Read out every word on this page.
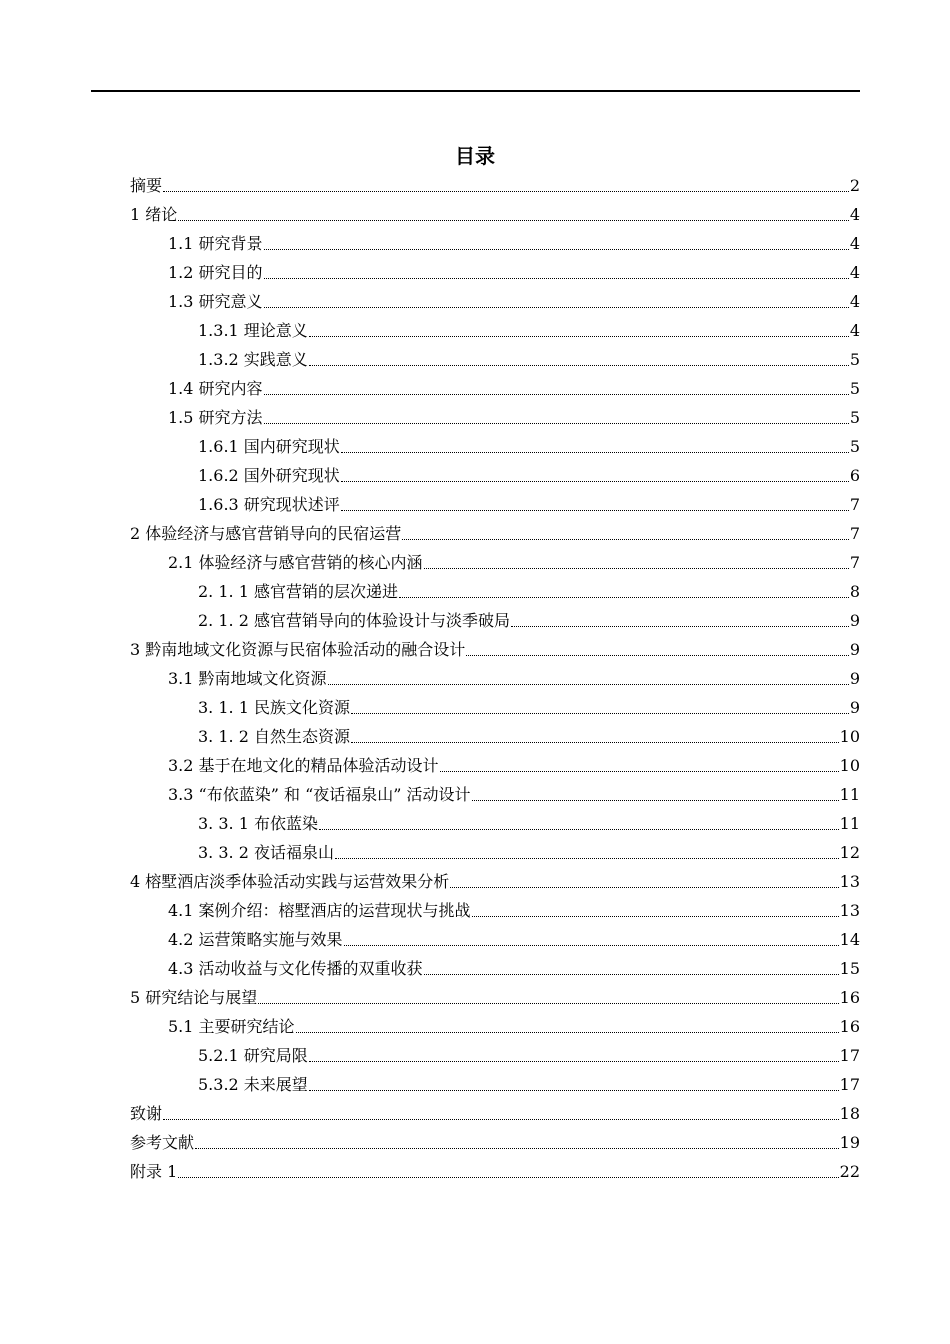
目录
摘要	2
1 绪论	4
1.1 研究背景	4
1.2 研究目的	4
1.3 研究意义	4
1.3.1 理论意义	4
1.3.2 实践意义	5
1.4 研究内容	5
1.5 研究方法	5
1.6.1 国内研究现状	5
1.6.2 国外研究现状	6
1.6.3 研究现状述评	7
2 体验经济与感官营销导向的民宿运营	7
2.1 体验经济与感官营销的核心内涵	7
2. 1. 1 感官营销的层次递进	8
2. 1. 2 感官营销导向的体验设计与淡季破局	9
3 黔南地域文化资源与民宿体验活动的融合设计	9
3.1 黔南地域文化资源	9
3. 1. 1 民族文化资源	9
3. 1. 2 自然生态资源	10
3.2 基于在地文化的精品体验活动设计	10
3.3 “布依蓝染” 和 “夜话福泉山” 活动设计	11
3. 3. 1 布依蓝染	11
3. 3. 2 夜话福泉山	12
4 榕墅酒店淡季体验活动实践与运营效果分析	13
4.1 案例介绍：榕墅酒店的运营现状与挑战	13
4.2 运营策略实施与效果	14
4.3 活动收益与文化传播的双重收获	15
5 研究结论与展望	16
5.1 主要研究结论	16
5.2.1 研究局限	17
5.3.2 未来展望	17
致谢	18
参考文献	19
附录 1	22
